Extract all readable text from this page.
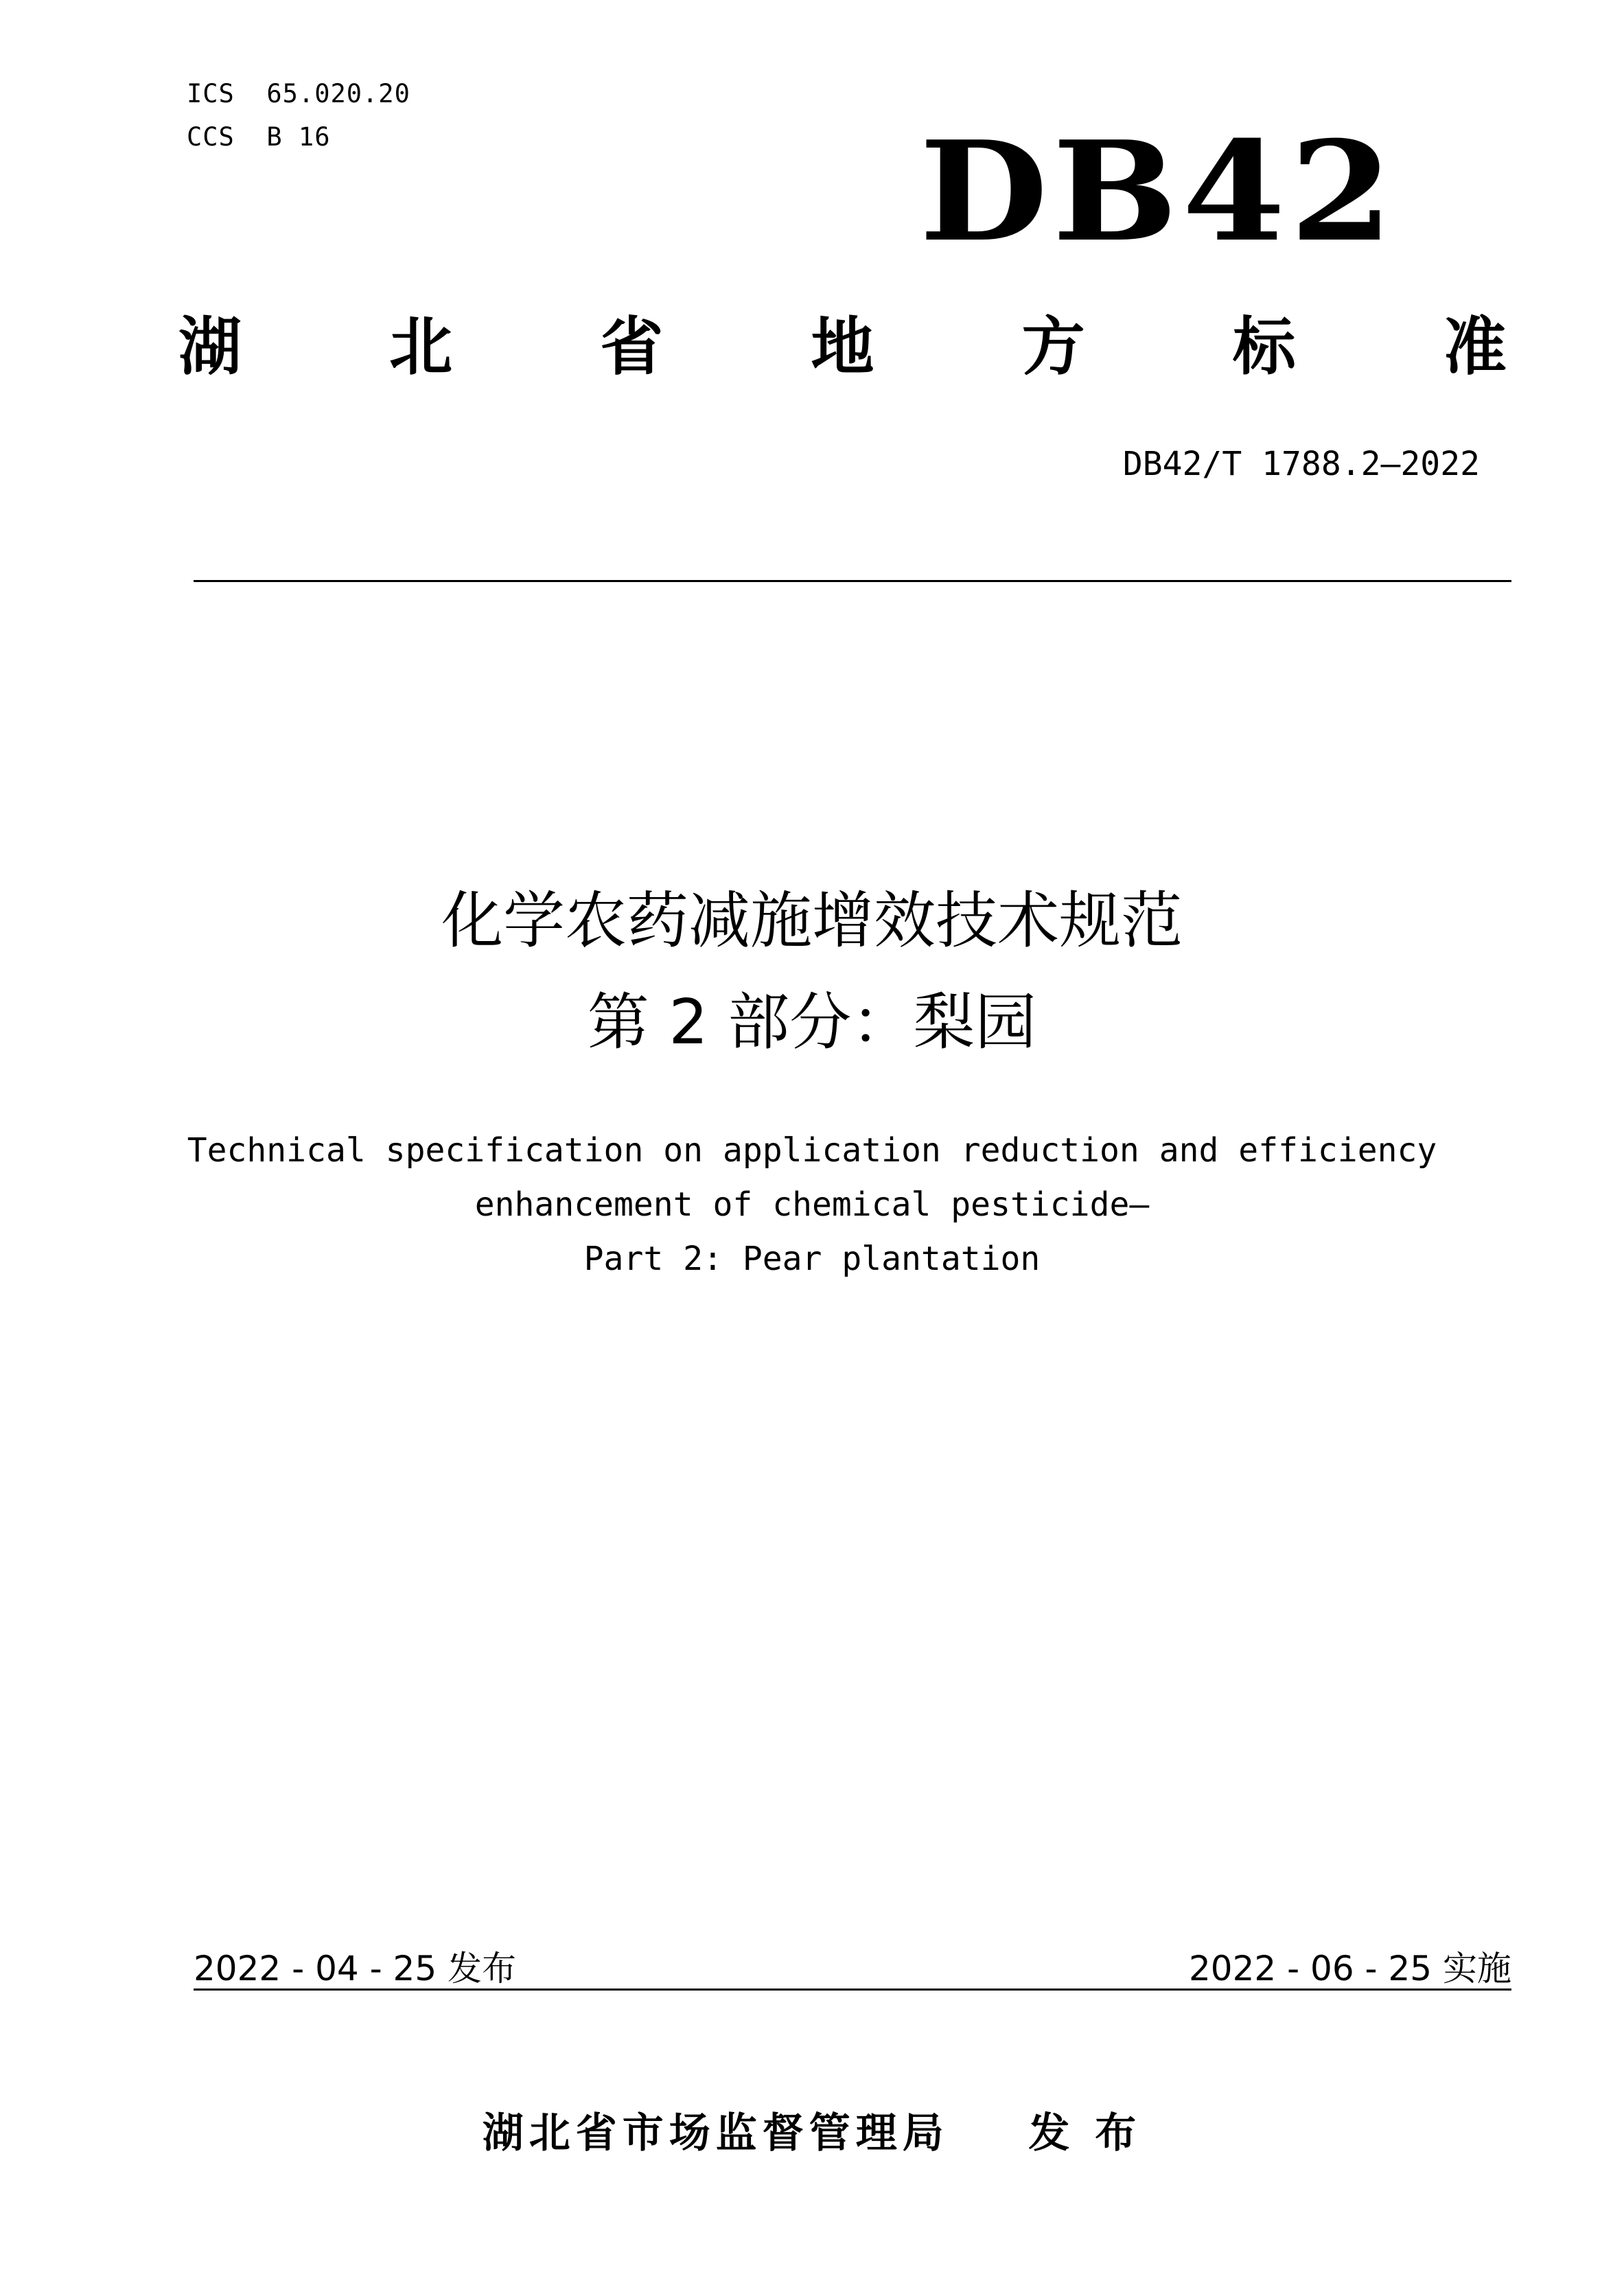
ICS  65.020.20
CCS  B 16	DB42
湖 北 省 地 方 标 准
DB42/T 1788.2—2022
化学农药减施增效技术规范
第 2 部分：梨园
Technical specification on application reduction and efficiency
enhancement of chemical pesticide—
Part 2: Pear plantation
2022 - 04 - 25 发布	2022 - 06 - 25 实施
湖北省市场监督管理局    发 布
